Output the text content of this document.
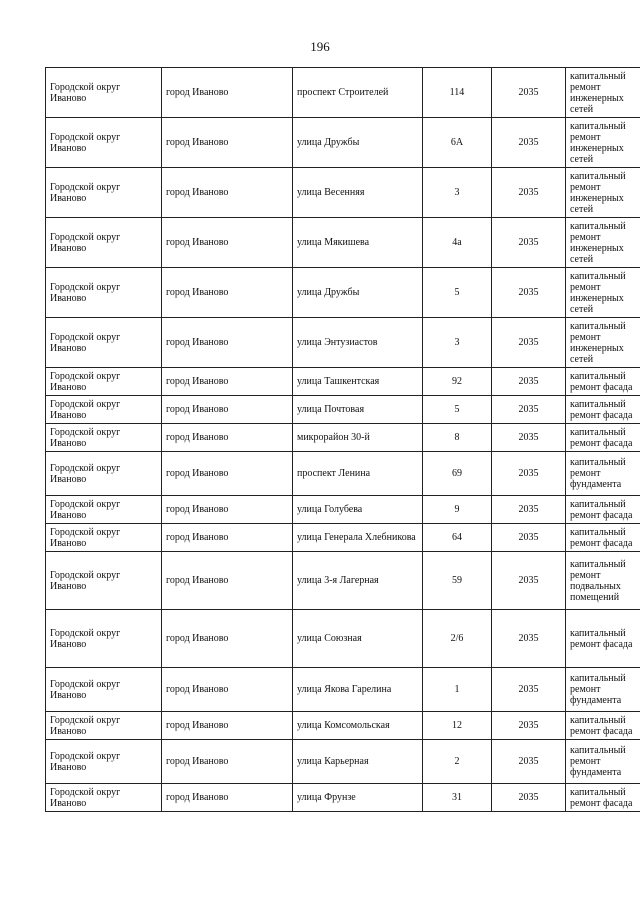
196
Городской округ Иваново	город Иваново	проспект Строителей	114	2035	капитальный ремонт инженерных сетей
Городской округ Иваново	город Иваново	улица Дружбы	6А	2035	капитальный ремонт инженерных сетей
Городской округ Иваново	город Иваново	улица Весенняя	3	2035	капитальный ремонт инженерных сетей
Городской округ Иваново	город Иваново	улица Мякишева	4а	2035	капитальный ремонт инженерных сетей
Городской округ Иваново	город Иваново	улица Дружбы	5	2035	капитальный ремонт инженерных сетей
Городской округ Иваново	город Иваново	улица Энтузиастов	3	2035	капитальный ремонт инженерных сетей
Городской округ Иваново	город Иваново	улица Ташкентская	92	2035	капитальный ремонт фасада
Городской округ Иваново	город Иваново	улица Почтовая	5	2035	капитальный ремонт фасада
Городской округ Иваново	город Иваново	микрорайон 30-й	8	2035	капитальный ремонт фасада
Городской округ Иваново	город Иваново	проспект Ленина	69	2035	капитальный ремонт фундамента
Городской округ Иваново	город Иваново	улица Голубева	9	2035	капитальный ремонт фасада
Городской округ Иваново	город Иваново	улица Генерала Хлебникова	64	2035	капитальный ремонт фасада
Городской округ Иваново	город Иваново	улица 3-я Лагерная	59	2035	капитальный ремонт подвальных помещений
Городской округ Иваново	город Иваново	улица Союзная	2/6	2035	капитальный ремонт фасада
Городской округ Иваново	город Иваново	улица Якова Гарелина	1	2035	капитальный ремонт фундамента
Городской округ Иваново	город Иваново	улица Комсомольская	12	2035	капитальный ремонт фасада
Городской округ Иваново	город Иваново	улица Карьерная	2	2035	капитальный ремонт фундамента
Городской округ Иваново	город Иваново	улица Фрунзе	31	2035	капитальный ремонт фасада
